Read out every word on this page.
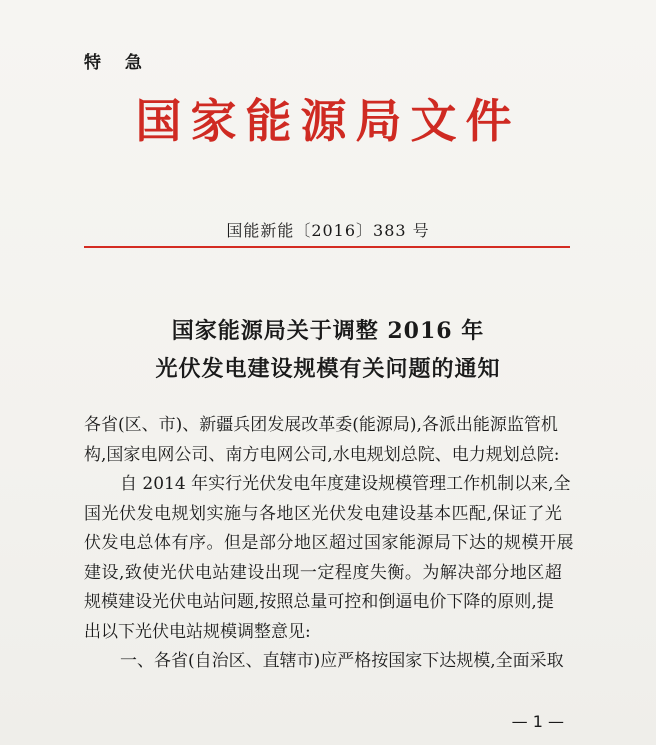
特 急
国家能源局文件
国能新能〔2016〕383 号
国家能源局关于调整 2016 年
光伏发电建设规模有关问题的通知

各省(区、市)、新疆兵团发展改革委(能源局),各派出能源监管机

构,国家电网公司、南方电网公司,水电规划总院、电力规划总院:

自 2014 年实行光伏发电年度建设规模管理工作机制以来,全

国光伏发电规划实施与各地区光伏发电建设基本匹配,保证了光

伏发电总体有序。但是部分地区超过国家能源局下达的规模开展

建设,致使光伏电站建设出现一定程度失衡。为解决部分地区超

规模建设光伏电站问题,按照总量可控和倒逼电价下降的原则,提

出以下光伏电站规模调整意见:

一、各省(自治区、直辖市)应严格按国家下达规模,全面采取

— 1 —
